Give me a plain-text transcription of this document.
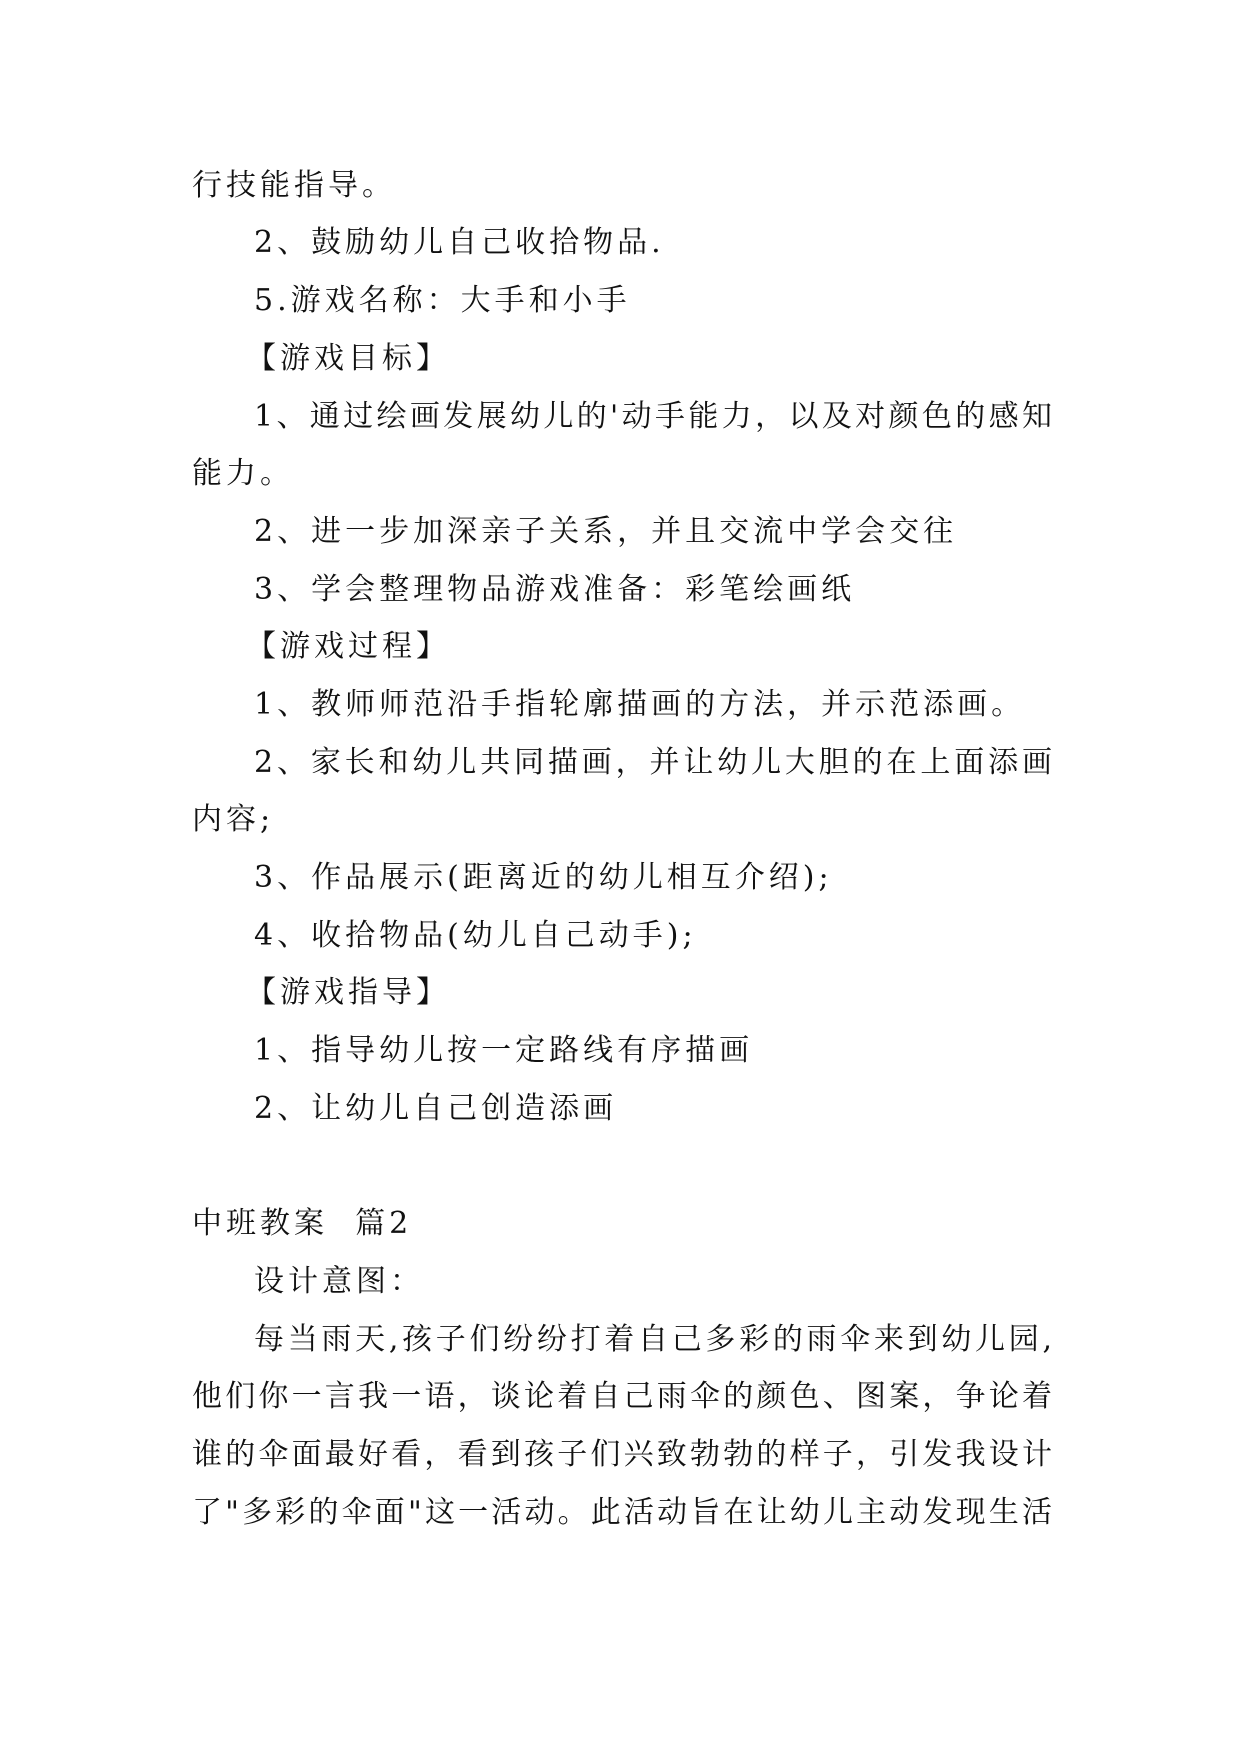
行技能指导。
2、鼓励幼儿自己收拾物品.
5.游戏名称：大手和小手
【游戏目标】
1、通过绘画发展幼儿的'动手能力，以及对颜色的感知
能力。
2、进一步加深亲子关系，并且交流中学会交往
3、学会整理物品游戏准备：彩笔绘画纸
【游戏过程】
1、教师师范沿手指轮廓描画的方法，并示范添画。
2、家长和幼儿共同描画，并让幼儿大胆的在上面添画
内容;
3、作品展示(距离近的幼儿相互介绍);
4、收拾物品(幼儿自己动手);
【游戏指导】
1、指导幼儿按一定路线有序描画
2、让幼儿自己创造添画
中班教案  篇2
设计意图：
每当雨天,孩子们纷纷打着自己多彩的雨伞来到幼儿园,
他们你一言我一语，谈论着自己雨伞的颜色、图案，争论着
谁的伞面最好看，看到孩子们兴致勃勃的样子，引发我设计
了"多彩的伞面"这一活动。此活动旨在让幼儿主动发现生活
